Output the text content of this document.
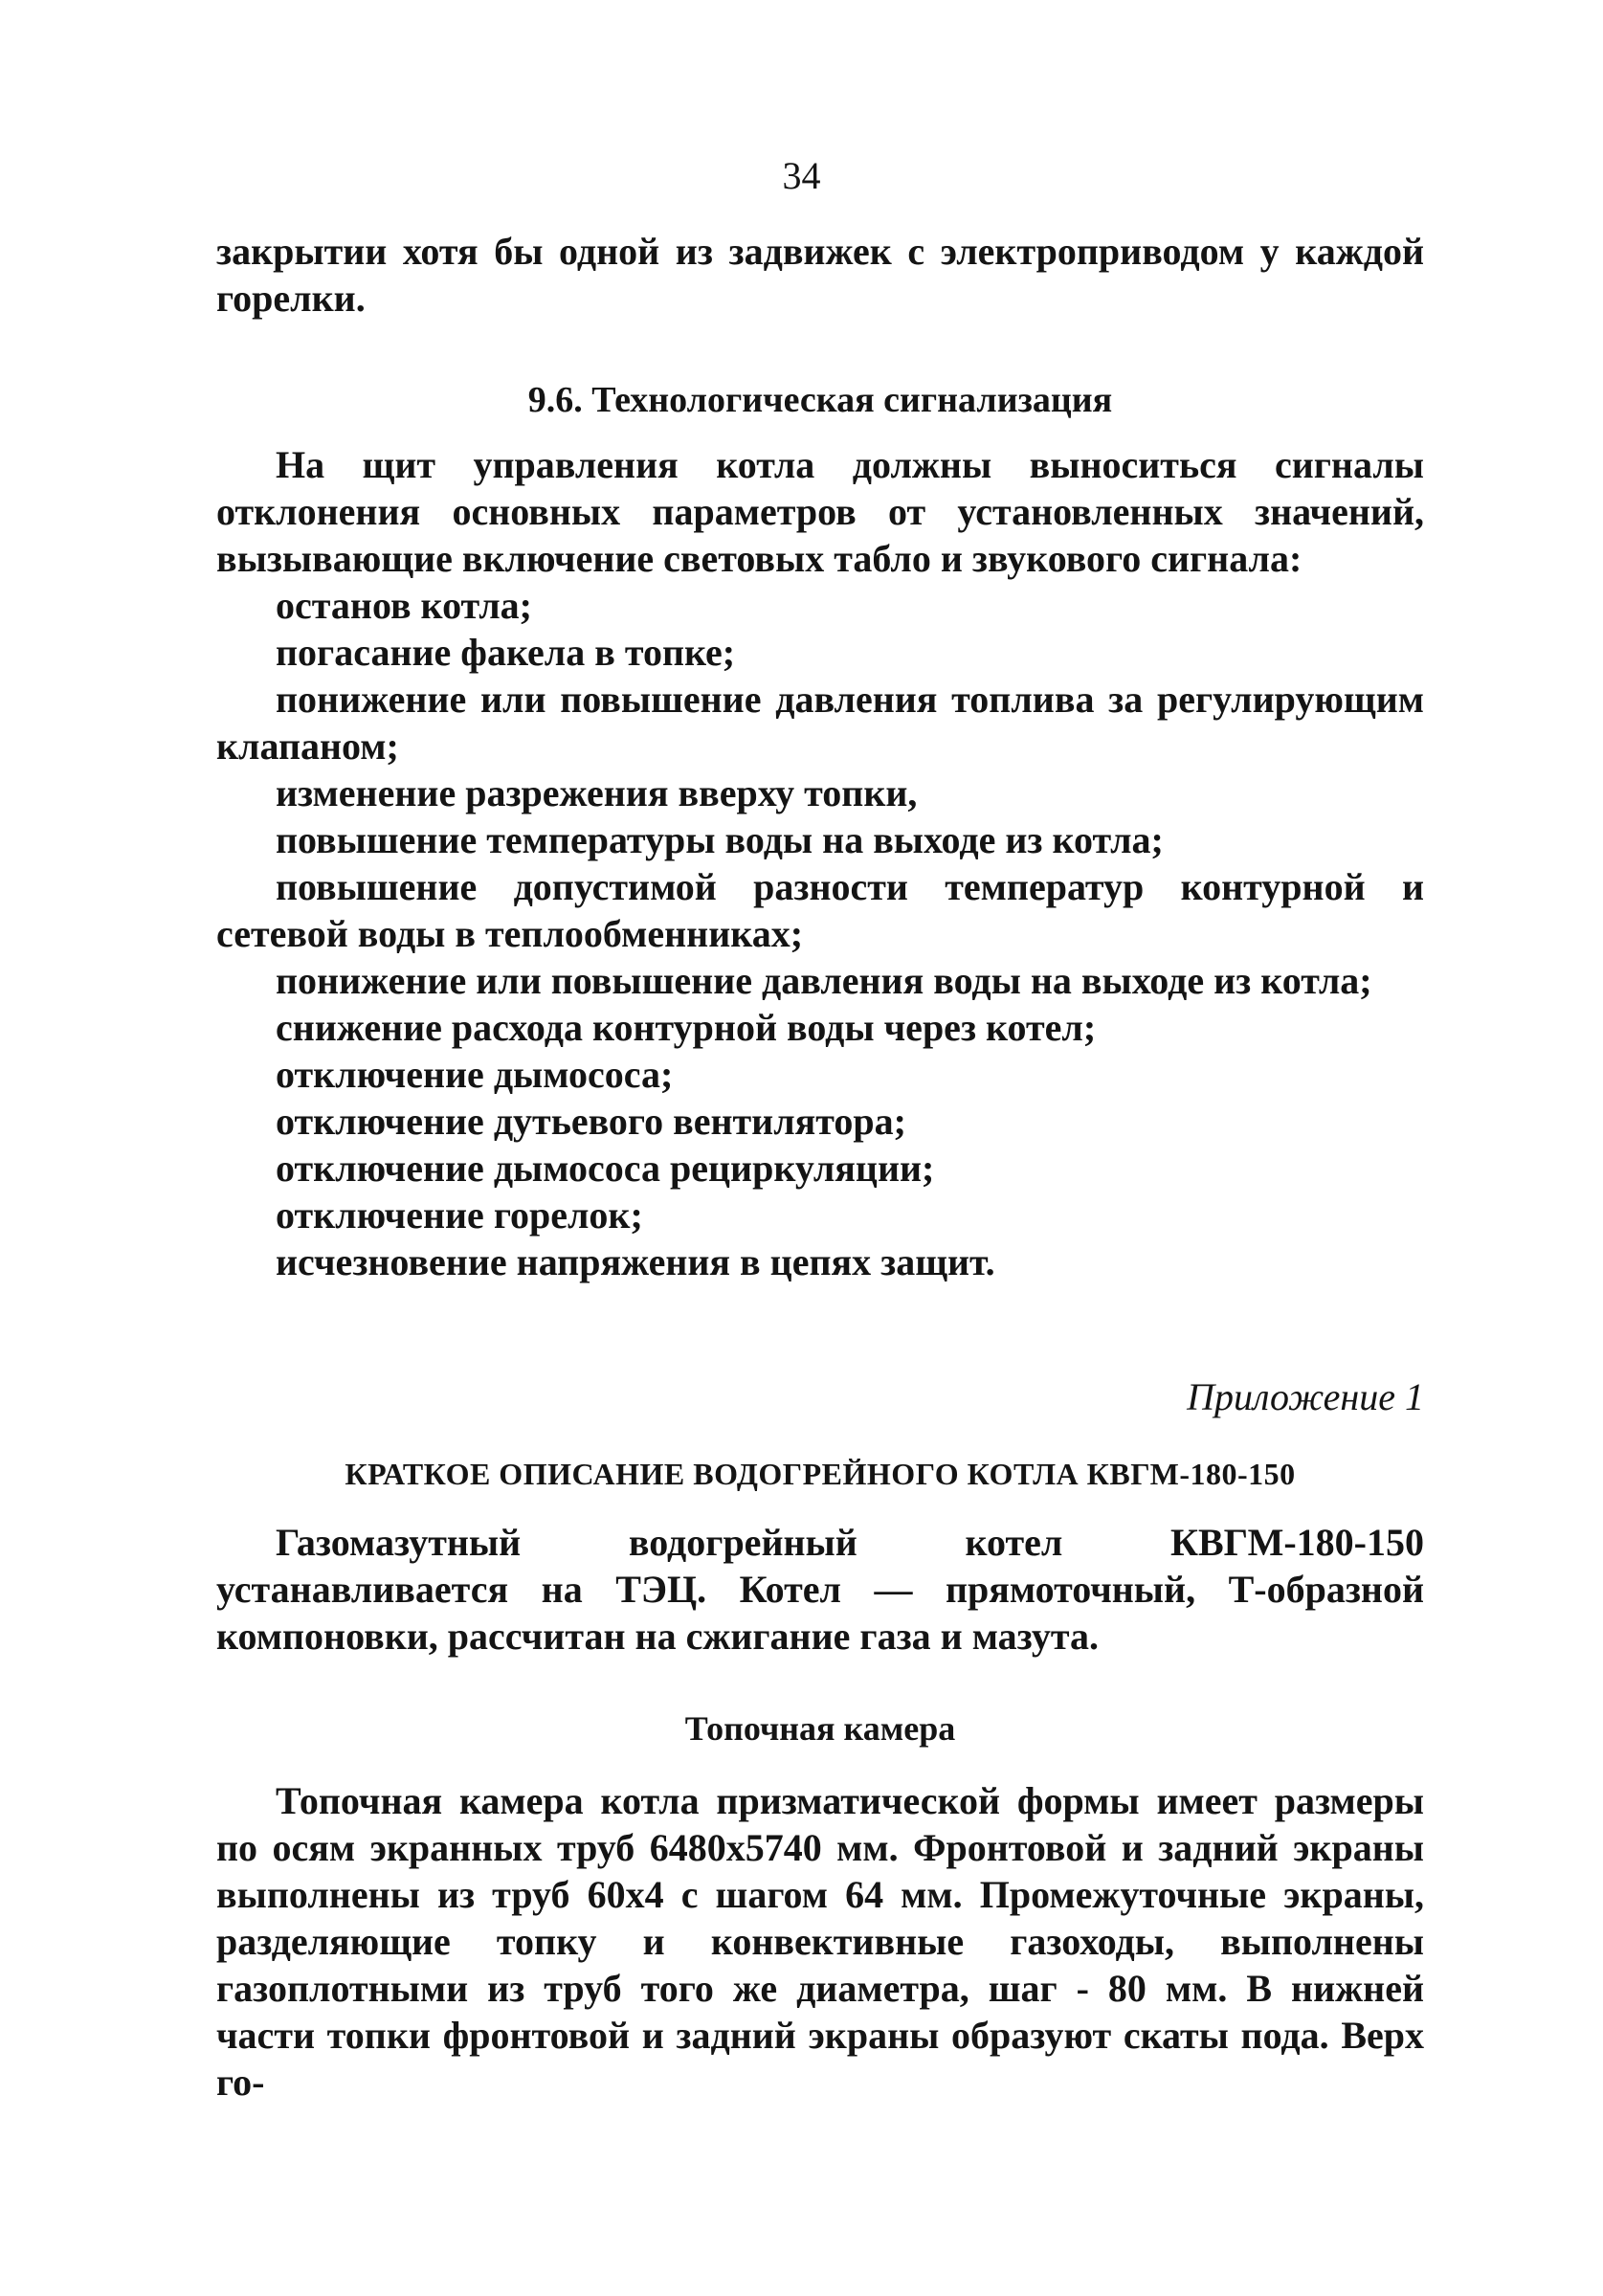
34

закрытии хотя бы одной из задвижек с электроприводом у каждой горелки.

9.6. Технологическая сигнализация

На щит управления котла должны выноситься сигналы отклонения основных параметров от установленных значений, вызывающие включение световых табло и звукового сигнала:

останов котла;
погасание факела в топке;
понижение или повышение давления топлива за регулирующим клапаном;
изменение разрежения вверху топки,
повышение температуры воды на выходе из котла;
повышение допустимой разности температур контурной и сетевой воды в теплообменниках;
понижение или повышение давления воды на выходе из котла;
снижение расхода контурной воды через котел;
отключение дымососа;
отключение дутьевого вентилятора;
отключение дымососа рециркуляции;
отключение горелок;
исчезновение напряжения в цепях защит.

Приложение 1

КРАТКОЕ ОПИСАНИЕ ВОДОГРЕЙНОГО КОТЛА КВГМ-180-150

Газомазутный водогрейный котел КВГМ-180-150 устанавливается на ТЭЦ. Котел — прямоточный, Т-образной компоновки, рассчитан на сжигание газа и мазута.

Топочная камера

Топочная камера котла призматической формы имеет размеры по осям экранных труб 6480х5740 мм. Фронтовой и задний экраны выполнены из труб 60х4 с шагом 64 мм. Промежуточные экраны, разделяющие топку и конвективные газоходы, выполнены газоплотными из труб того же диаметра, шаг - 80 мм. В нижней части топки фронтовой и задний экраны образуют скаты пода. Верх го-
